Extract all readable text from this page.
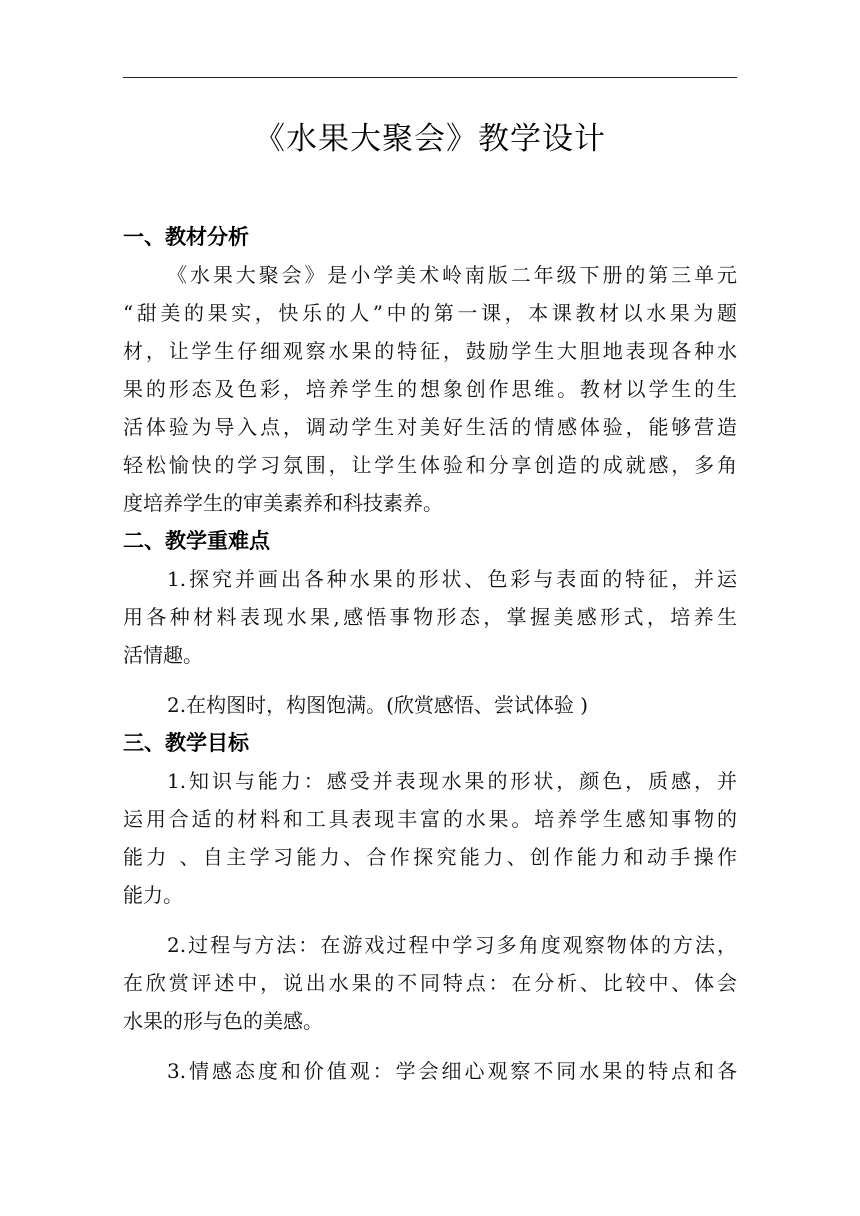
《水果大聚会》教学设计
一、教材分析
《水果大聚会》是小学美术岭南版二年级下册的第三单元
“甜美的果实，快乐的人”中的第一课，本课教材以水果为题
材，让学生仔细观察水果的特征，鼓励学生大胆地表现各种水
果的形态及色彩，培养学生的想象创作思维。教材以学生的生
活体验为导入点，调动学生对美好生活的情感体验，能够营造
轻松愉快的学习氛围，让学生体验和分享创造的成就感，多角
度培养学生的审美素养和科技素养。
二、教学重难点
1.探究并画出各种水果的形状、色彩与表面的特征，并运
用各种材料表现水果,感悟事物形态，掌握美感形式，培养生
活情趣。
2.在构图时，构图饱满。(欣赏感悟、尝试体验 )
三、教学目标
1.知识与能力：感受并表现水果的形状，颜色，质感，并
运用合适的材料和工具表现丰富的水果。培养学生感知事物的
能力 、自主学习能力、合作探究能力、创作能力和动手操作
能力。
2.过程与方法：在游戏过程中学习多角度观察物体的方法，
在欣赏评述中，说出水果的不同特点：在分析、比较中、体会
水果的形与色的美感。
3.情感态度和价值观：学会细心观察不同水果的特点和各
